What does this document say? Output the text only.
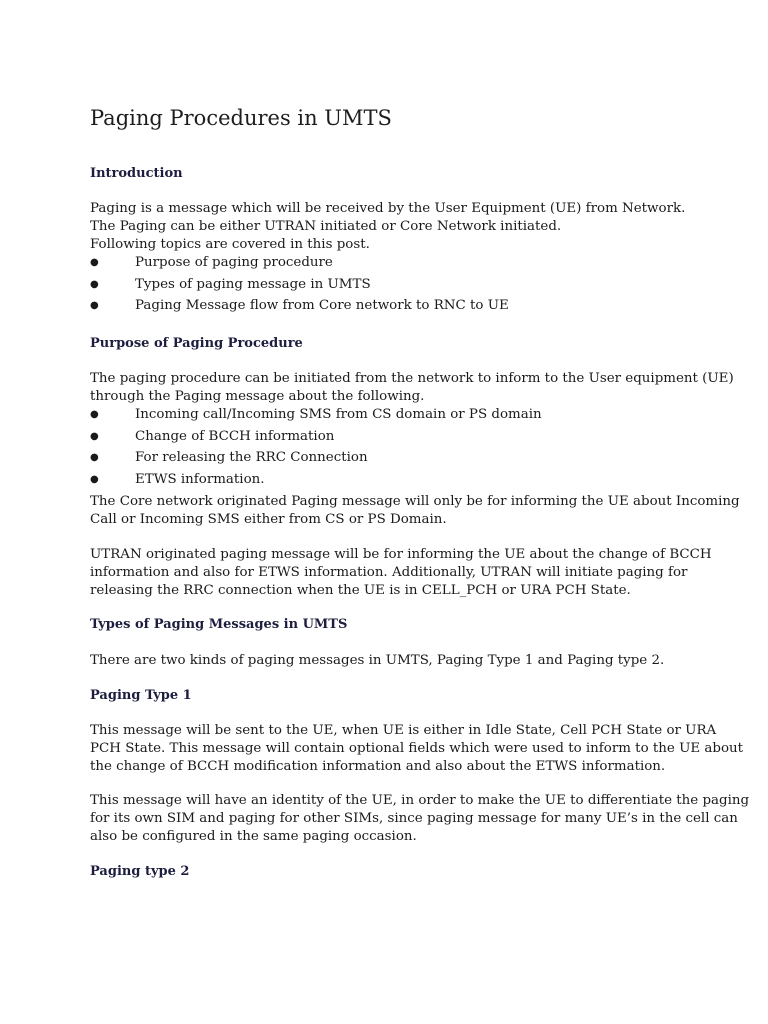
Paging Procedures in UMTS
Introduction

Paging is a message which will be received by the User Equipment (UE) from Network.
The Paging can be either UTRAN initiated or Core Network initiated.
Following topics are covered in this post.

●	Purpose of paging procedure
●	Types of paging message in UMTS
●	Paging Message flow from Core network to RNC to UE
Purpose of Paging Procedure

The paging procedure can be initiated from the network to inform to the User equipment (UE)
through the Paging message about the following.

●	Incoming call/Incoming SMS from CS domain or PS domain
●	Change of BCCH information
●	For releasing the RRC Connection
●	ETWS information.

The Core network originated Paging message will only be for informing the UE about Incoming
Call or Incoming SMS either from CS or PS Domain.

UTRAN originated paging message will be for informing the UE about the change of BCCH
information and also for ETWS information. Additionally, UTRAN will initiate paging for
releasing the RRC connection when the UE is in CELL_PCH or URA PCH State.

Types of Paging Messages in UMTS

There are two kinds of paging messages in UMTS, Paging Type 1 and Paging type 2.

Paging Type 1

This message will be sent to the UE, when UE is either in Idle State, Cell PCH State or URA
PCH State. This message will contain optional fields which were used to inform to the UE about
the change of BCCH modification information and also about the ETWS information.

This message will have an identity of the UE, in order to make the UE to differentiate the paging
for its own SIM and paging for other SIMs, since paging message for many UE’s in the cell can
also be configured in the same paging occasion.

Paging type 2
